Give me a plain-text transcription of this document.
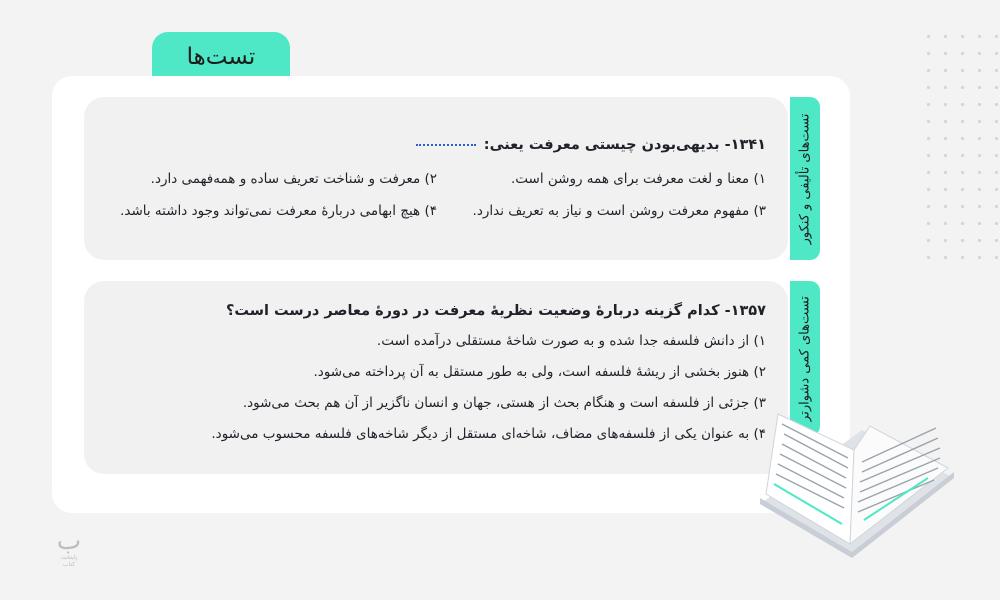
تست‌ها
۱۳۴۱- بدیهی‌بودن چیستی معرفت یعنی:
۱) معنا و لغت معرفت برای همه روشن است.
۲) معرفت و شناخت تعریف ساده و همه‌فهمی دارد.
۳) مفهوم معرفت روشن است و نیاز به تعریف ندارد.
۴) هیچ ابهامی دربارهٔ معرفت نمی‌تواند وجود داشته باشد.	تست‌های تألیفی و کنکور
۱۳۵۷- کدام گزینه دربارهٔ وضعیت نظریهٔ معرفت در دورهٔ معاصر درست است؟
۱) از دانش فلسفه جدا شده و به صورت شاخهٔ مستقلی درآمده است.
۲) هنوز بخشی از ریشهٔ فلسفه است، ولی به طور مستقل به آن پرداخته می‌شود.
۳) جزئی از فلسفه است و هنگام بحث از هستی، جهان و انسان ناگزیر از آن هم بحث می‌شود.
۴) به عنوان یکی از فلسفه‌های مضاف، شاخه‌ای مستقل از دیگر شاخه‌های فلسفه محسوب می‌شود.
تست‌های کمی دشوارتر
ب
پایتخت کتاب
